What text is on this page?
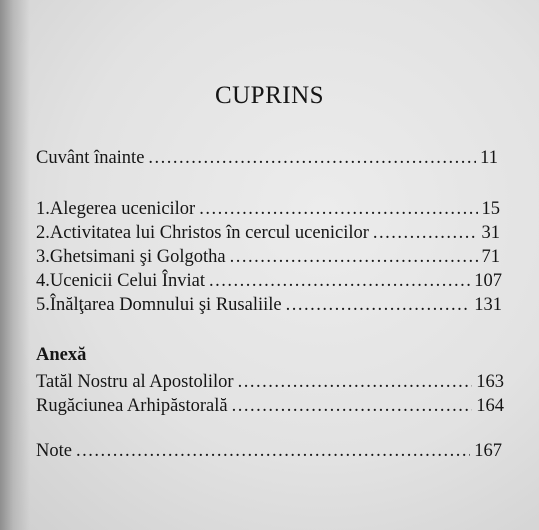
CUPRINS
Cuvânt înainte .....	11
1.Alegerea ucenicilor .....	15
2.Activitatea lui Christos în cercul ucenicilor .....	31
3.Ghetsimani şi Golgotha .....	71
4.Ucenicii Celui Înviat .....	107
5.Înălţarea Domnului şi Rusaliile .....	131
Anexă
Tatăl Nostru al Apostolilor .....	163
Rugăciunea Arhipăstorală .....	164
Note .....	167
